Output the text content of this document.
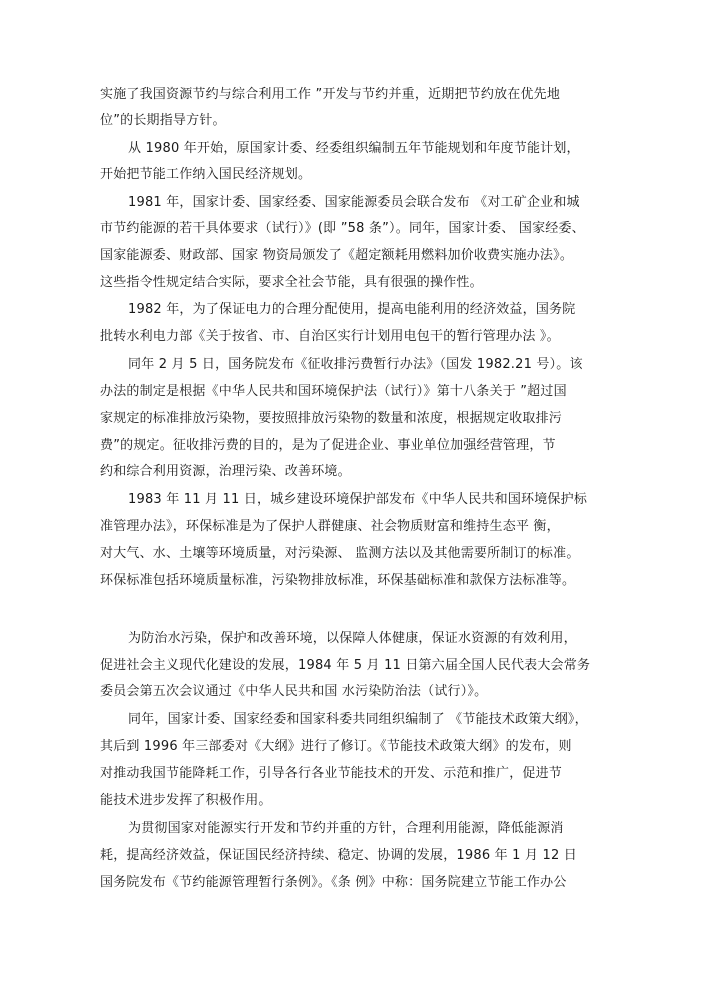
实施了我国资源节约与综合利用工作 ”开发与节约并重，近期把节约放在优先地
位”的长期指导方针。
从 1980 年开始，原国家计委、经委组织编制五年节能规划和年度节能计划，
开始把节能工作纳入国民经济规划。
1981 年，国家计委、国家经委、国家能源委员会联合发布 《对工矿企业和城
市节约能源的若干具体要求（试行）》(即 ”58 条”）。同年，国家计委、 国家经委、
国家能源委、财政部、国家 物资局颁发了《超定额耗用燃料加价收费实施办法》。
这些指令性规定结合实际，要求全社会节能，具有很强的操作性。
1982 年，为了保证电力的合理分配使用，提高电能利用的经济效益，国务院
批转水利电力部《关于按省、市、自治区实行计划用电包干的暂行管理办法 》。
同年 2 月 5 日，国务院发布《征收排污费暂行办法》（国发 1982.21 号）。该
办法的制定是根据《中华人民共和国环境保护法（试行）》第十八条关于 ”超过国
家规定的标准排放污染物，要按照排放污染物的数量和浓度，根据规定收取排污
费”的规定。征收排污费的目的，是为了促进企业、事业单位加强经营管理，节
约和综合利用资源，治理污染、改善环境。
1983 年 11 月 11 日，城乡建设环境保护部发布《中华人民共和国环境保护标
准管理办法》，环保标准是为了保护人群健康、社会物质财富和维持生态平 衡，
对大气、水、土壤等环境质量，对污染源、 监测方法以及其他需要所制订的标准。
环保标准包括环境质量标准，污染物排放标准，环保基础标准和款保方法标准等。
为防治水污染，保护和改善环境，以保障人体健康，保证水资源的有效利用，
促进社会主义现代化建设的发展，1984 年 5 月 11 日第六届全国人民代表大会常务
委员会第五次会议通过《中华人民共和国 水污染防治法（试行）》。
同年，国家计委、国家经委和国家科委共同组织编制了 《节能技术政策大纲》，
其后到 1996 年三部委对《大纲》进行了修订。《节能技术政策大纲》的发布，则
对推动我国节能降耗工作，引导各行各业节能技术的开发、示范和推广，促进节
能技术进步发挥了积极作用。
为贯彻国家对能源实行开发和节约并重的方针，合理利用能源，降低能源消
耗，提高经济效益，保证国民经济持续、稳定、协调的发展，1986 年 1 月 12 日
国务院发布《节约能源管理暂行条例》。《条 例》中称：国务院建立节能工作办公
